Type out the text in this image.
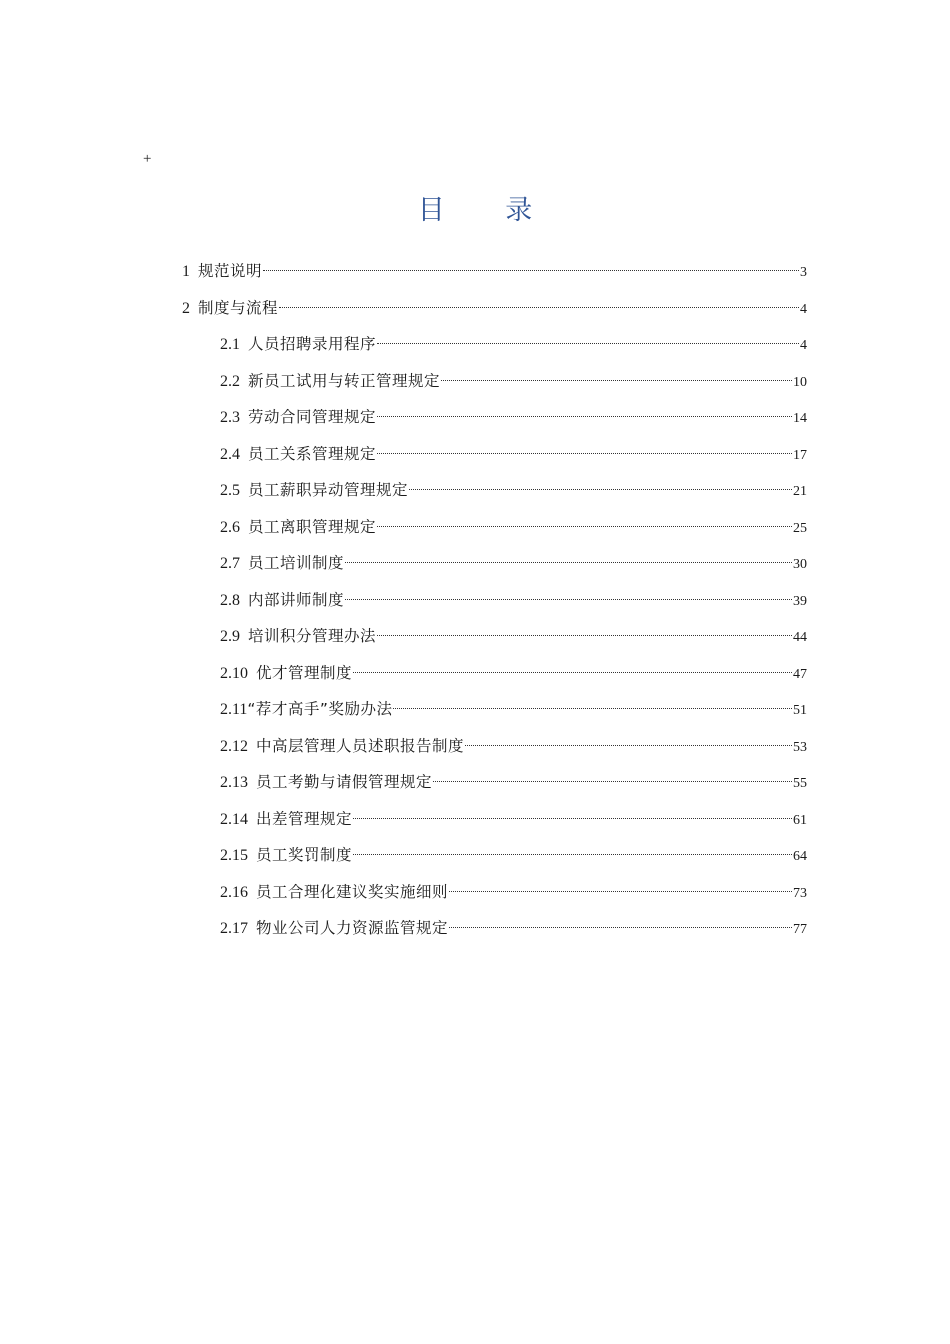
+
目 录
1 规范说明	3
2 制度与流程	4
2.1 人员招聘录用程序	4
2.2 新员工试用与转正管理规定	10
2.3 劳动合同管理规定	14
2.4 员工关系管理规定	17
2.5 员工薪职异动管理规定	21
2.6 员工离职管理规定	25
2.7 员工培训制度	30
2.8 内部讲师制度	39
2.9 培训积分管理办法	44
2.10 优才管理制度	47
2.11 “荐才高手”奖励办法	51
2.12 中高层管理人员述职报告制度	53
2.13 员工考勤与请假管理规定	55
2.14 出差管理规定	61
2.15 员工奖罚制度	64
2.16 员工合理化建议奖实施细则	73
2.17 物业公司人力资源监管规定	77
